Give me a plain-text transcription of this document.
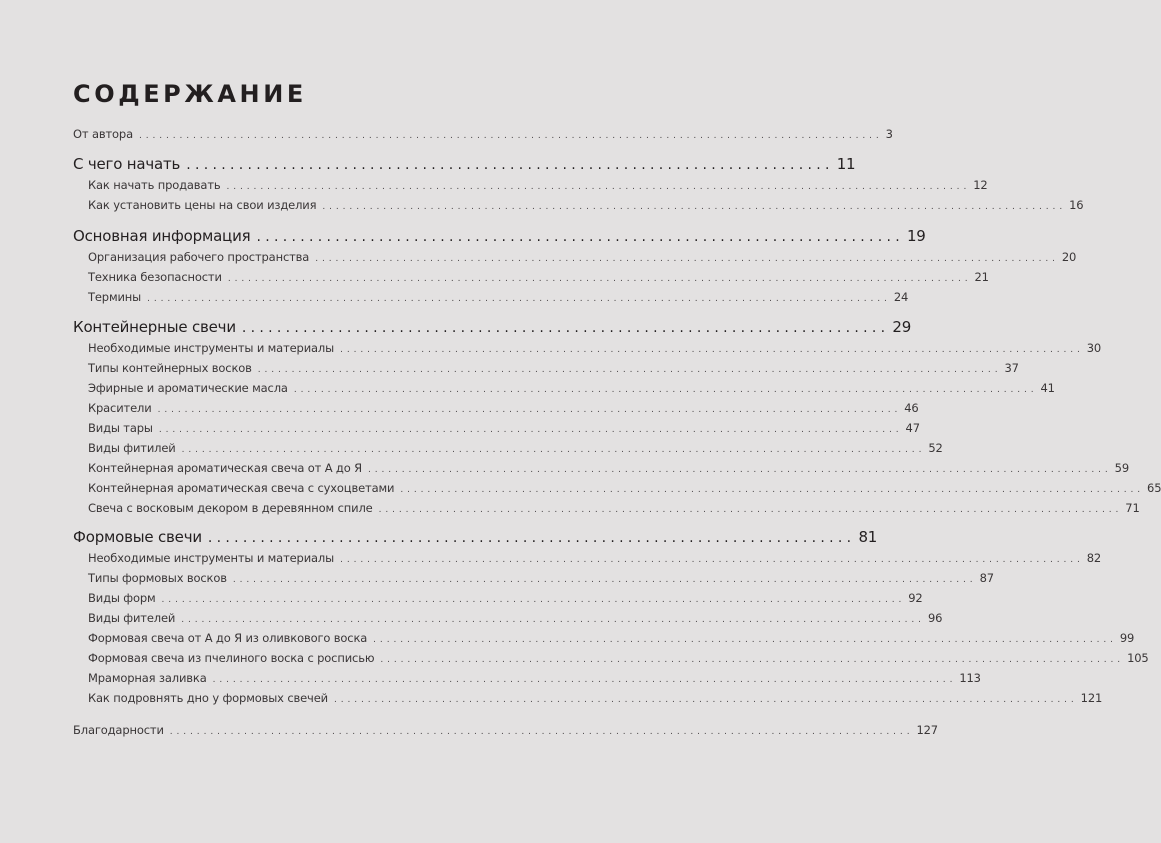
СОДЕРЖАНИЕ
От автора .............................................................................................................. 3
С чего начать .......................................................................... 11
Как начать продавать .............................................................................................................. 12
Как установить цены на свои изделия .............................................................................................................. 16
Основная информация .......................................................................... 19
Организация рабочего пространства .............................................................................................................. 20
Техника безопасности .............................................................................................................. 21
Термины .............................................................................................................. 24
Контейнерные свечи .......................................................................... 29
Необходимые инструменты и материалы .............................................................................................................. 30
Типы контейнерных восков .............................................................................................................. 37
Эфирные и ароматические масла .............................................................................................................. 41
Красители .............................................................................................................. 46
Виды тары .............................................................................................................. 47
Виды фитилей .............................................................................................................. 52
Контейнерная ароматическая свеча от А до Я .............................................................................................................. 59
Контейнерная ароматическая свеча с сухоцветами .............................................................................................................. 65
Свеча с восковым декором в деревянном спиле .............................................................................................................. 71
Формовые свечи .......................................................................... 81
Необходимые инструменты и материалы .............................................................................................................. 82
Типы формовых восков .............................................................................................................. 87
Виды форм .............................................................................................................. 92
Виды фителей .............................................................................................................. 96
Формовая свеча от А до Я из оливкового воска .............................................................................................................. 99
Формовая свеча из пчелиного воска с росписью .............................................................................................................. 105
Мраморная заливка .............................................................................................................. 113
Как подровнять дно у формовых свечей .............................................................................................................. 121
Благодарности .............................................................................................................. 127
